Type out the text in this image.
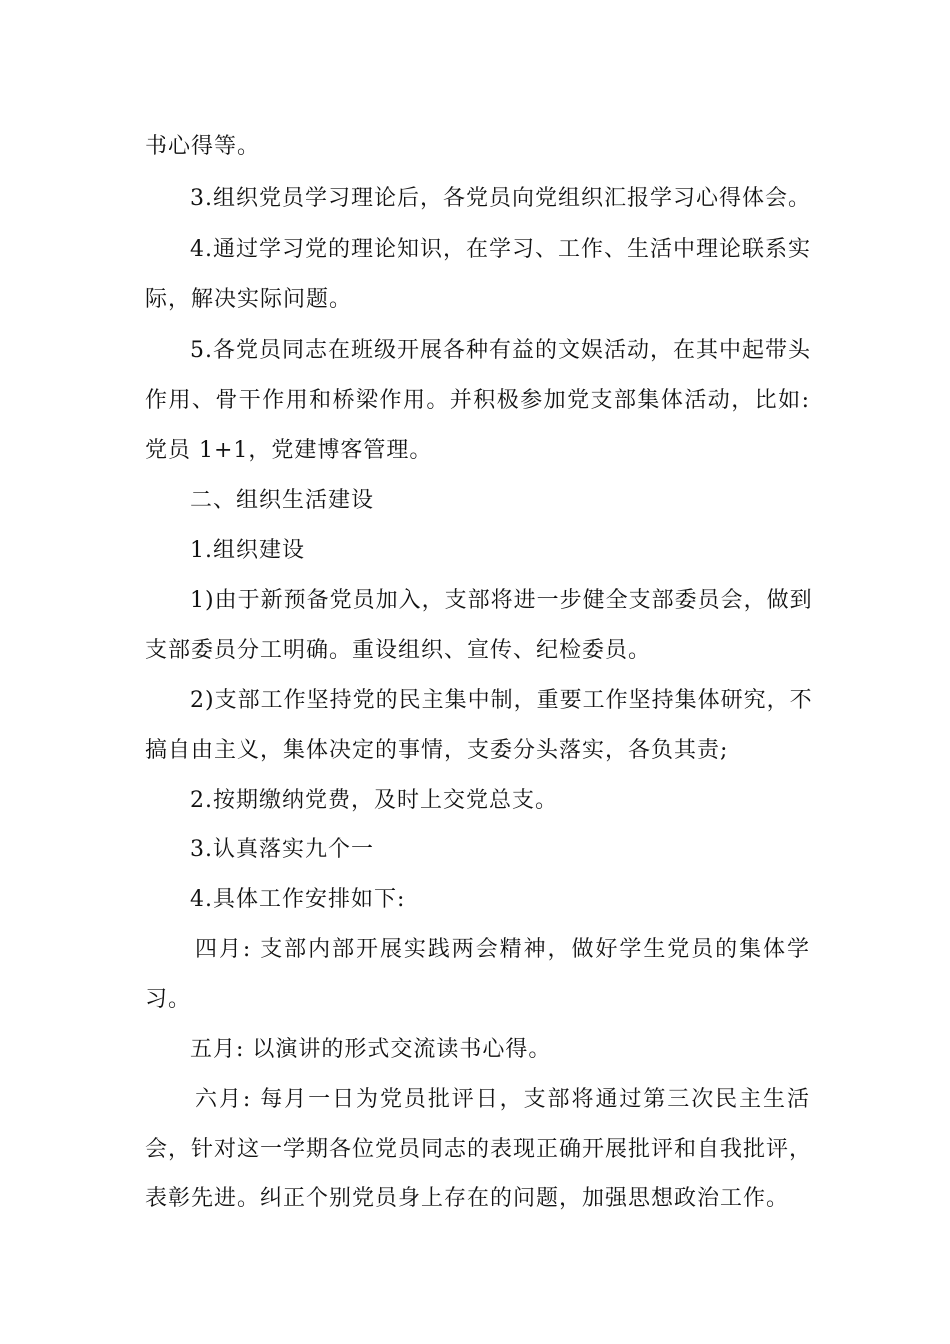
书心得等。
3.组织党员学习理论后，各党员向党组织汇报学习心得体会。
4.通过学习党的理论知识，在学习、工作、生活中理论联系实
际，解决实际问题。
5.各党员同志在班级开展各种有益的文娱活动，在其中起带头
作用、骨干作用和桥梁作用。并积极参加党支部集体活动，比如:
党员 1+1，党建博客管理。
二、组织生活建设
1.组织建设
1)由于新预备党员加入，支部将进一步健全支部委员会，做到
支部委员分工明确。重设组织、宣传、纪检委员。
2)支部工作坚持党的民主集中制，重要工作坚持集体研究，不
搞自由主义，集体决定的事情，支委分头落实，各负其责;
2.按期缴纳党费，及时上交党总支。
3.认真落实九个一
4.具体工作安排如下:
四月: 支部内部开展实践两会精神，做好学生党员的集体学
习。
五月: 以演讲的形式交流读书心得。
六月: 每月一日为党员批评日，支部将通过第三次民主生活
会，针对这一学期各位党员同志的表现正确开展批评和自我批评，
表彰先进。纠正个别党员身上存在的问题，加强思想政治工作。
